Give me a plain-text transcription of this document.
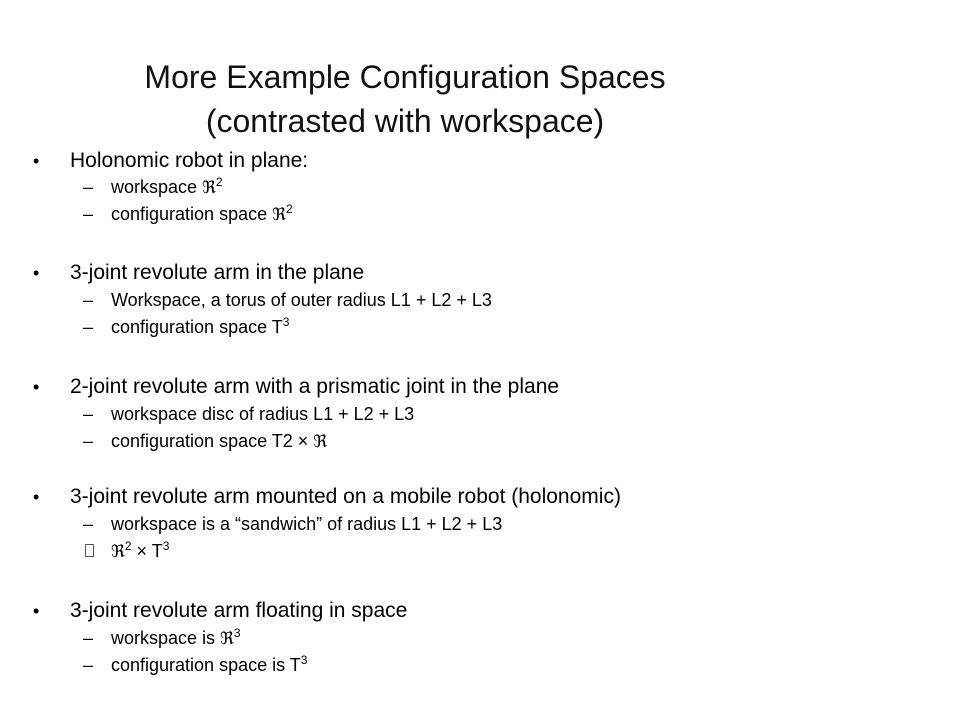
More Example Configuration Spaces
(contrasted with workspace)
•	Holonomic robot in plane:
– workspace ℜ$^2$
– configuration space ℜ$^2$
•	3-joint revolute arm in the plane
– Workspace, a torus of outer radius L1 + L2 + L3
– configuration space $T^3$
•	2-joint revolute arm with a prismatic joint in the plane
– workspace disc of radius L1 + L2 + L3
– configuration space T2 × ℜ
•	3-joint revolute arm mounted on a mobile robot (holonomic)
– workspace is a “sandwich” of radius L1 + L2 + L3
ℜ$^2$ × $T^3$
•	3-joint revolute arm floating in space
– workspace is ℜ$^3$
– configuration space is $T^3$
